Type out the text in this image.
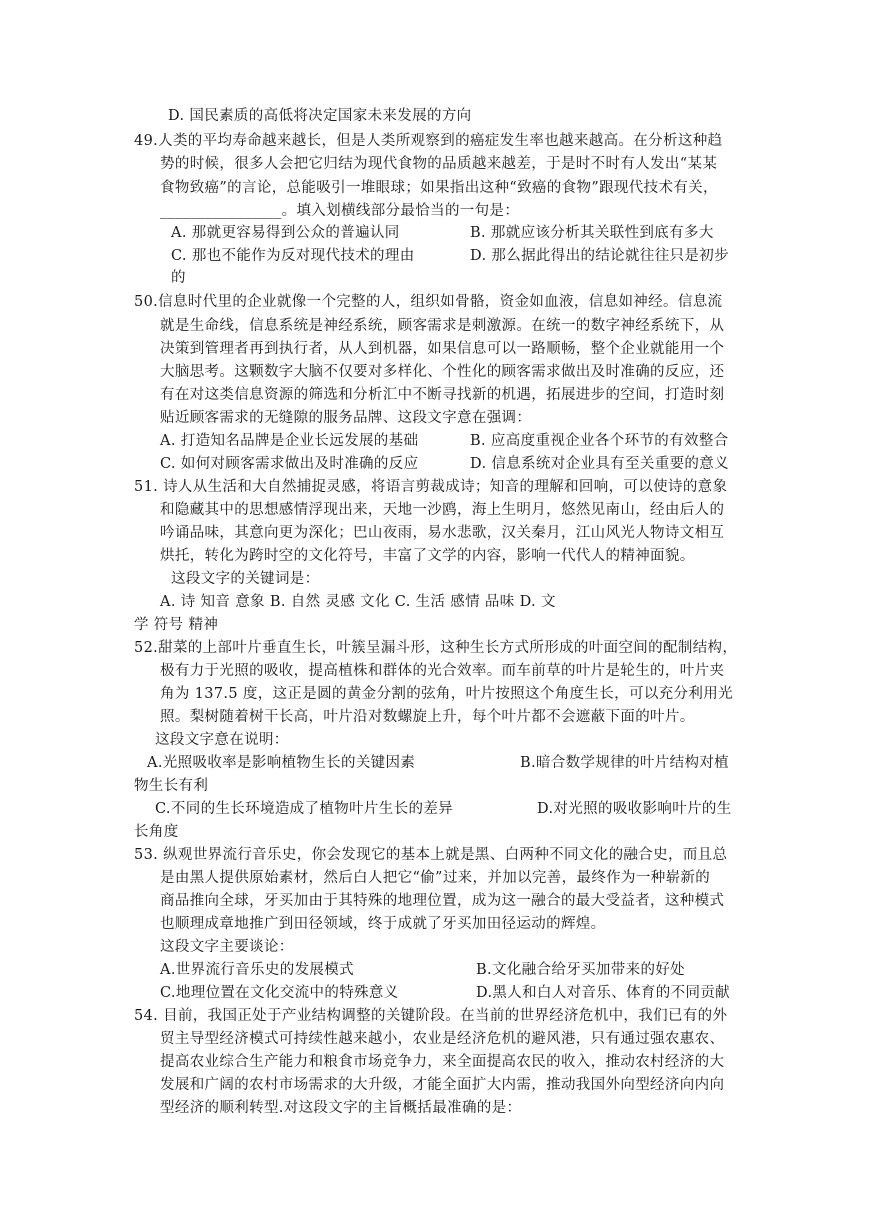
D. 国民素质的高低将决定国家未来发展的方向
49.人类的平均寿命越来越长，但是人类所观察到的癌症发生率也越来越高。在分析这种趋
势的时候，很多人会把它归结为现代食物的品质越来越差，于是时不时有人发出“某某
食物致癌”的言论，总能吸引一堆眼球；如果指出这种“致癌的食物”跟现代技术有关，
________________。填入划横线部分最恰当的一句是：
A. 那就更容易得到公众的普遍认同	B. 那就应该分析其关联性到底有多大
C. 那也不能作为反对现代技术的理由	D. 那么据此得出的结论就往往只是初步
的
50.信息时代里的企业就像一个完整的人，组织如骨骼，资金如血液，信息如神经。信息流
就是生命线，信息系统是神经系统，顾客需求是刺激源。在统一的数字神经系统下，从
决策到管理者再到执行者，从人到机器，如果信息可以一路顺畅，整个企业就能用一个
大脑思考。这颗数字大脑不仅要对多样化、个性化的顾客需求做出及时准确的反应，还
有在对这类信息资源的筛选和分析汇中不断寻找新的机遇，拓展进步的空间，打造时刻
贴近顾客需求的无缝隙的服务品牌、这段文字意在强调：
A. 打造知名品牌是企业长远发展的基础	B. 应高度重视企业各个环节的有效整合
C. 如何对顾客需求做出及时准确的反应	D. 信息系统对企业具有至关重要的意义
51. 诗人从生活和大自然捕捉灵感，将语言剪裁成诗；知音的理解和回响，可以使诗的意象
和隐藏其中的思想感情浮现出来，天地一沙鸥，海上生明月，悠然见南山，经由后人的
吟诵品味，其意向更为深化；巴山夜雨，易水悲歌，汉关秦月，江山风光人物诗文相互
烘托，转化为跨时空的文化符号，丰富了文学的内容，影响一代代人的精神面貌。
这段文字的关键词是：
A. 诗 知音 意象 B. 自然 灵感 文化 C. 生活 感情 品味 D. 文
学 符号 精神
52.甜菜的上部叶片垂直生长，叶簇呈漏斗形，这种生长方式所形成的叶面空间的配制结构，
极有力于光照的吸收，提高植株和群体的光合效率。而车前草的叶片是轮生的，叶片夹
角为 137.5 度，这正是圆的黄金分割的弦角，叶片按照这个角度生长，可以充分利用光
照。梨树随着树干长高，叶片沿对数螺旋上升，每个叶片都不会遮蔽下面的叶片。
这段文字意在说明：
A.光照吸收率是影响植物生长的关键因素	B.暗合数学规律的叶片结构对植
物生长有利
C.不同的生长环境造成了植物叶片生长的差异	D.对光照的吸收影响叶片的生
长角度
53. 纵观世界流行音乐史，你会发现它的基本上就是黑、白两种不同文化的融合史，而且总
是由黑人提供原始素材，然后白人把它“偷”过来，并加以完善，最终作为一种崭新的
商品推向全球，牙买加由于其特殊的地理位置，成为这一融合的最大受益者，这种模式
也顺理成章地推广到田径领域，终于成就了牙买加田径运动的辉煌。
这段文字主要谈论：
A.世界流行音乐史的发展模式	B.文化融合给牙买加带来的好处
C.地理位置在文化交流中的特殊意义	D.黑人和白人对音乐、体育的不同贡献
54. 目前，我国正处于产业结构调整的关键阶段。在当前的世界经济危机中，我们已有的外
贸主导型经济模式可持续性越来越小，农业是经济危机的避风港，只有通过强农惠农、
提高农业综合生产能力和粮食市场竞争力，来全面提高农民的收入，推动农村经济的大
发展和广阔的农村市场需求的大升级，才能全面扩大内需，推动我国外向型经济向内向
型经济的顺利转型.对这段文字的主旨概括最准确的是：
